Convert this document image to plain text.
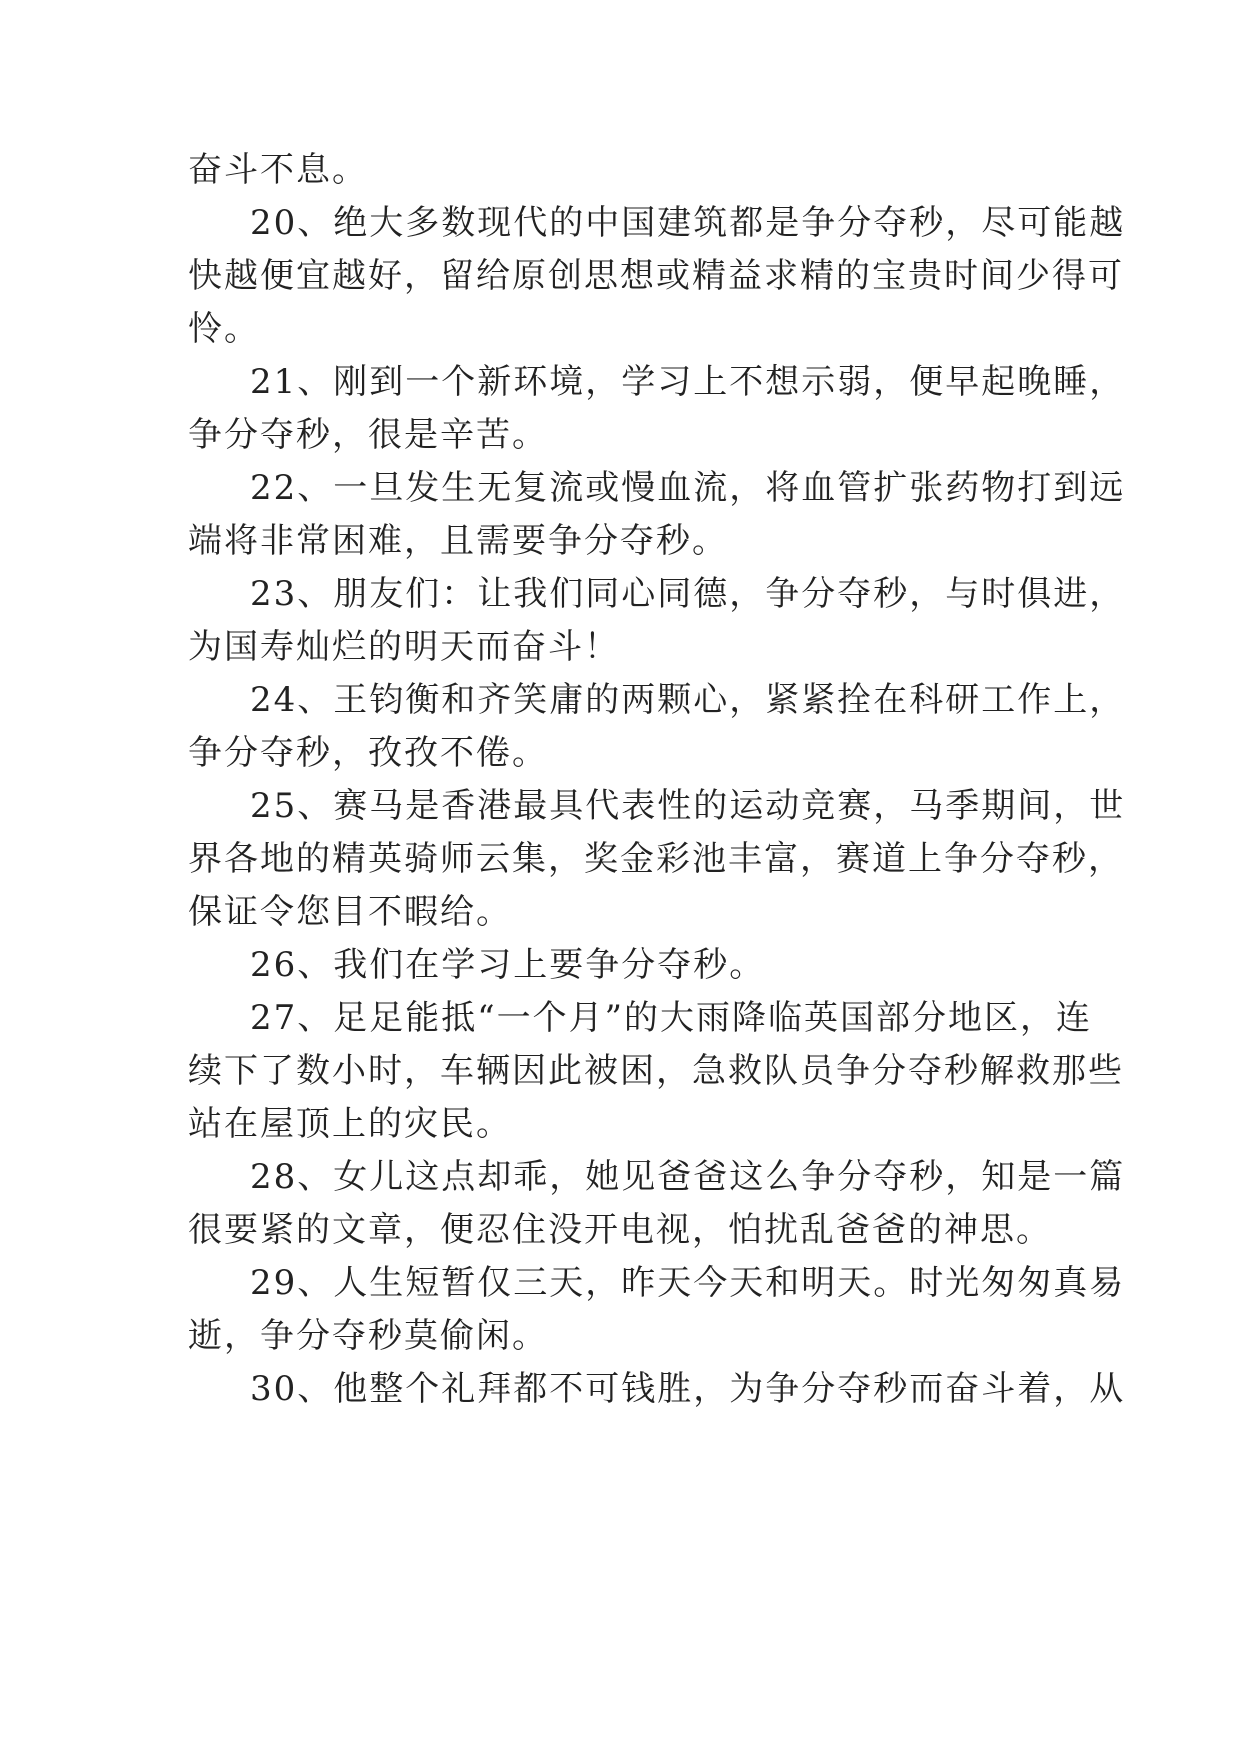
奋斗不息。
20、绝大多数现代的中国建筑都是争分夺秒，尽可能越
快越便宜越好，留给原创思想或精益求精的宝贵时间少得可
怜。
21、刚到一个新环境，学习上不想示弱，便早起晚睡，
争分夺秒，很是辛苦。
22、一旦发生无复流或慢血流，将血管扩张药物打到远
端将非常困难，且需要争分夺秒。
23、朋友们：让我们同心同德，争分夺秒，与时俱进，
为国寿灿烂的明天而奋斗！
24、王钧衡和齐笑庸的两颗心，紧紧拴在科研工作上，
争分夺秒，孜孜不倦。
25、赛马是香港最具代表性的运动竞赛，马季期间，世
界各地的精英骑师云集，奖金彩池丰富，赛道上争分夺秒，
保证令您目不暇给。
26、我们在学习上要争分夺秒。
27、足足能抵“一个月”的大雨降临英国部分地区，连
续下了数小时，车辆因此被困，急救队员争分夺秒解救那些
站在屋顶上的灾民。
28、女儿这点却乖，她见爸爸这么争分夺秒，知是一篇
很要紧的文章，便忍住没开电视，怕扰乱爸爸的神思。
29、人生短暂仅三天，昨天今天和明天。时光匆匆真易
逝，争分夺秒莫偷闲。
30、他整个礼拜都不可钱胜，为争分夺秒而奋斗着，从
